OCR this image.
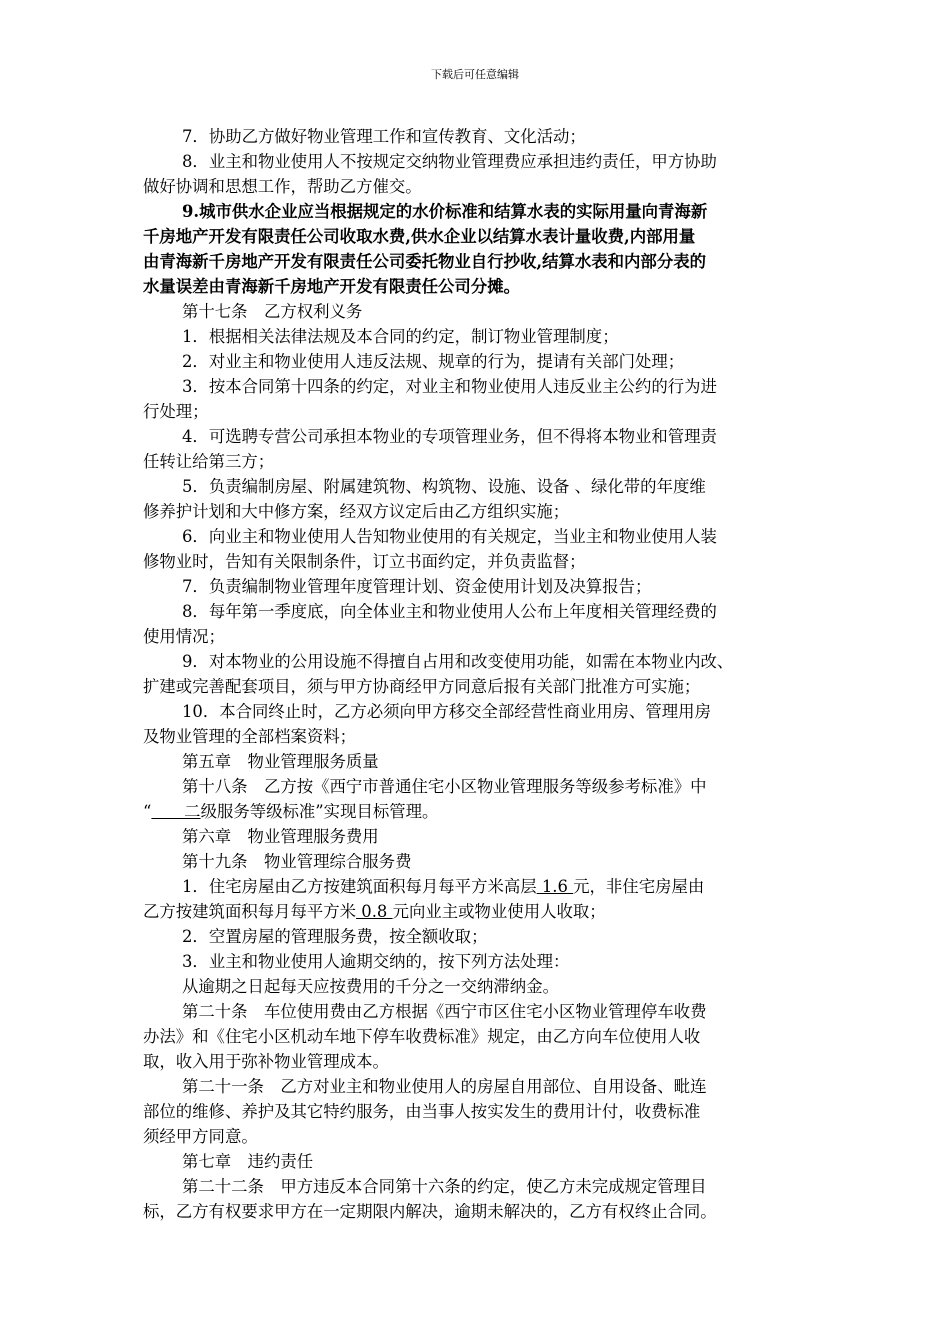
下载后可任意编辑
7．协助乙方做好物业管理工作和宣传教育、文化活动；
8．业主和物业使用人不按规定交纳物业管理费应承担违约责任，甲方协助
做好协调和思想工作，帮助乙方催交。
9.城市供水企业应当根据规定的水价标准和结算水表的实际用量向青海新
千房地产开发有限责任公司收取水费,供水企业以结算水表计量收费,内部用量
由青海新千房地产开发有限责任公司委托物业自行抄收,结算水表和内部分表的
水量误差由青海新千房地产开发有限责任公司分摊。
第十七条　乙方权利义务
1．根据相关法律法规及本合同的约定，制订物业管理制度；
2．对业主和物业使用人违反法规、规章的行为，提请有关部门处理；
3．按本合同第十四条的约定，对业主和物业使用人违反业主公约的行为进
行处理；
4．可选聘专营公司承担本物业的专项管理业务，但不得将本物业和管理责
任转让给第三方；
5．负责编制房屋、附属建筑物、构筑物、设施、设备 、绿化带的年度维
修养护计划和大中修方案，经双方议定后由乙方组织实施；
6．向业主和物业使用人告知物业使用的有关规定，当业主和物业使用人装
修物业时，告知有关限制条件，订立书面约定，并负责监督；
7．负责编制物业管理年度管理计划、资金使用计划及决算报告；
8．每年第一季度底，向全体业主和物业使用人公布上年度相关管理经费的
使用情况；
9．对本物业的公用设施不得擅自占用和改变使用功能，如需在本物业内改、
扩建或完善配套项目，须与甲方协商经甲方同意后报有关部门批准方可实施；
10．本合同终止时，乙方必须向甲方移交全部经营性商业用房、管理用房
及物业管理的全部档案资料；
第五章　物业管理服务质量
第十八条　乙方按《西宁市普通住宅小区物业管理服务等级参考标准》中
“　　二级服务等级标准”实现目标管理。
第六章　物业管理服务费用
第十九条　物业管理综合服务费
1．住宅房屋由乙方按建筑面积每月每平方米高层 1.6 元，非住宅房屋由
乙方按建筑面积每月每平方米 0.8 元向业主或物业使用人收取；
2．空置房屋的管理服务费，按全额收取；
3．业主和物业使用人逾期交纳的，按下列方法处理：
从逾期之日起每天应按费用的千分之一交纳滞纳金。
第二十条　车位使用费由乙方根据《西宁市区住宅小区物业管理停车收费
办法》和《住宅小区机动车地下停车收费标准》规定，由乙方向车位使用人收
取，收入用于弥补物业管理成本。
第二十一条　乙方对业主和物业使用人的房屋自用部位、自用设备、毗连
部位的维修、养护及其它特约服务，由当事人按实发生的费用计付，收费标准
须经甲方同意。
第七章　违约责任
第二十二条　甲方违反本合同第十六条的约定，使乙方未完成规定管理目
标，乙方有权要求甲方在一定期限内解决，逾期未解决的，乙方有权终止合同。
